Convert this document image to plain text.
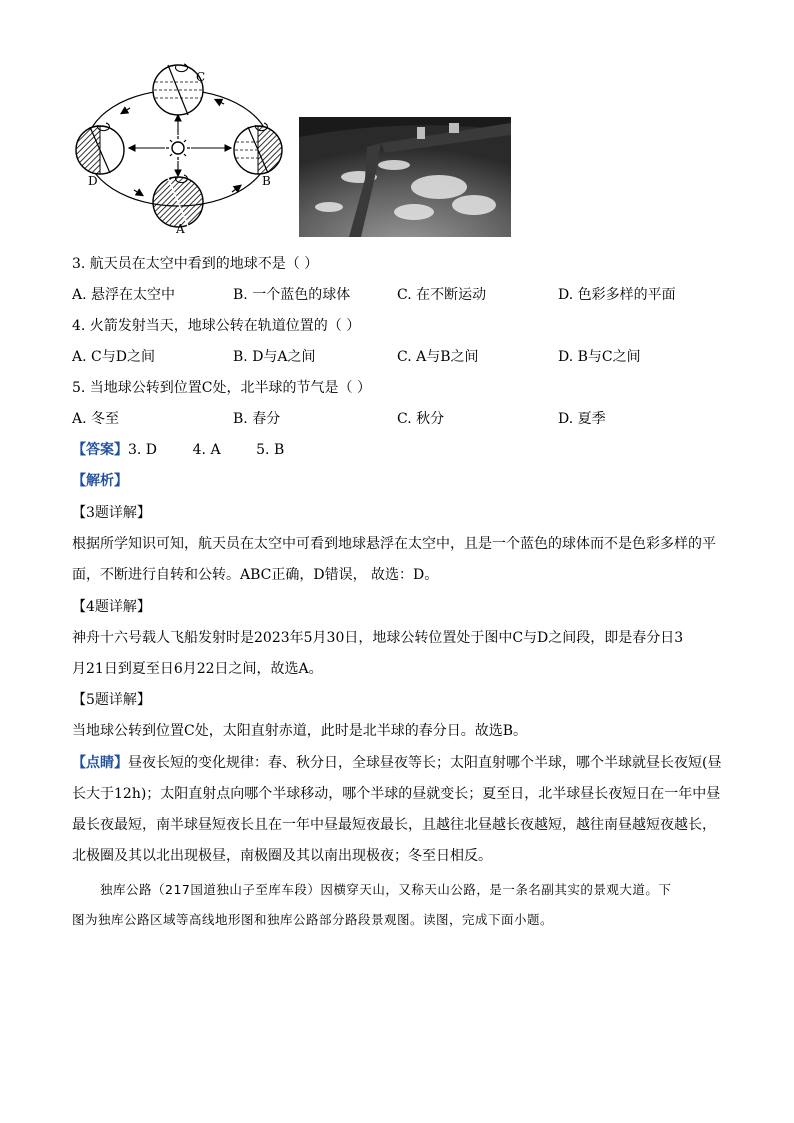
C
D	B
A
3. 航天员在太空中看到的地球不是（ ）
A. 悬浮在太空中	B. 一个蓝色的球体	C. 在不断运动	D. 色彩多样的平面
4. 火箭发射当天，地球公转在轨道位置的（ ）
A. C与D之间	B. D与A之间	C. A与B之间	D. B与C之间
5. 当地球公转到位置C处，北半球的节气是（ ）
A. 冬至	B. 春分	C. 秋分	D. 夏季
【答案】3. D        4. A        5. B
【解析】
【3题详解】
根据所学知识可知，航天员在太空中可看到地球悬浮在太空中，且是一个蓝色的球体而不是色彩多样的平
面，不断进行自转和公转。ABC正确，D错误， 故选：D。
【4题详解】
神舟十六号载人飞船发射时是2023年5月30日，地球公转位置处于图中C与D之间段，即是春分日3
月21日到夏至日6月22日之间，故选A。
【5题详解】
当地球公转到位置C处，太阳直射赤道，此时是北半球的春分日。故选B。
【点睛】昼夜长短的变化规律：春、秋分日，全球昼夜等长；太阳直射哪个半球，哪个半球就昼长夜短(昼
长大于12h)；太阳直射点向哪个半球移动，哪个半球的昼就变长；夏至日，北半球昼长夜短日在一年中昼
最长夜最短，南半球昼短夜长且在一年中昼最短夜最长，且越往北昼越长夜越短，越往南昼越短夜越长，
北极圈及其以北出现极昼，南极圈及其以南出现极夜；冬至日相反。
独库公路（217国道独山子至库车段）因横穿天山，又称天山公路，是一条名副其实的景观大道。下
图为独库公路区域等高线地形图和独库公路部分路段景观图。读图，完成下面小题。
